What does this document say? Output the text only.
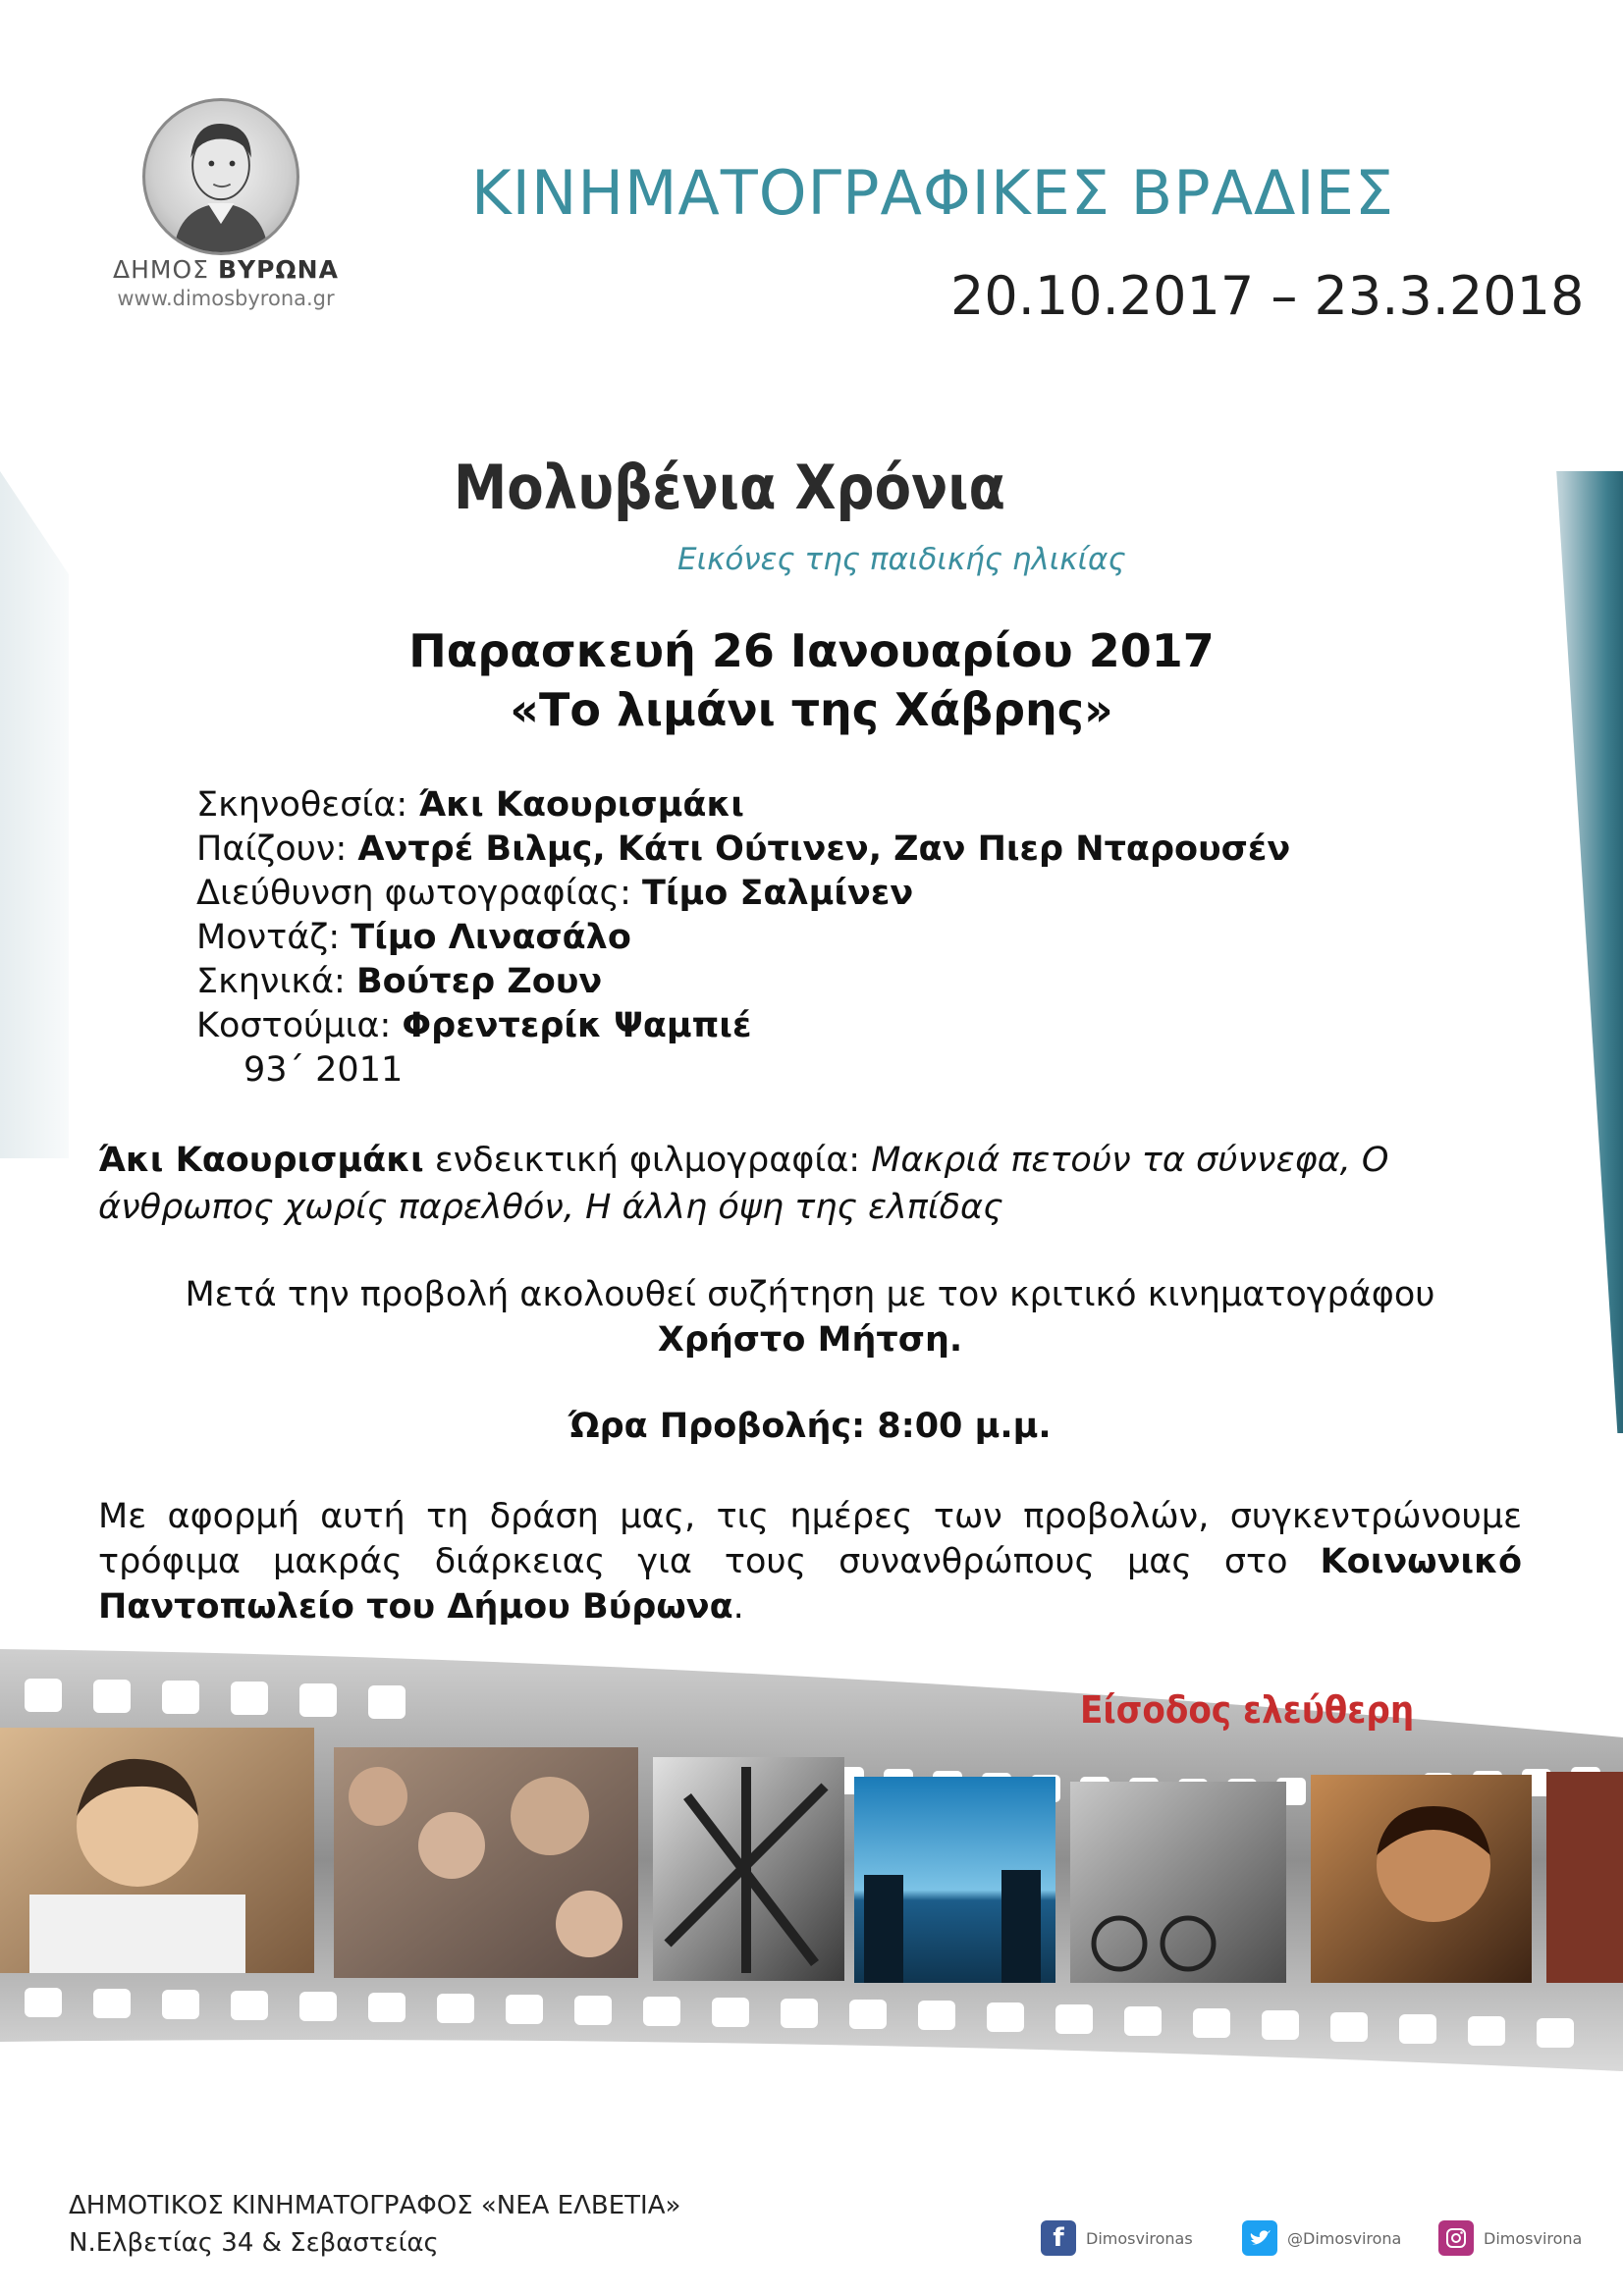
ΔΗΜΟΣ ΒΥΡΩΝΑ
www.dimosbyrona.gr
ΚΙΝΗΜΑΤΟΓΡΑΦΙΚΕΣ ΒΡΑΔΙΕΣ
20.10.2017 – 23.3.2018
Μολυβένια Χρόνια
Εικόνες της παιδικής ηλικίας
Παρασκευή 26 Ιανουαρίου 2017
«Το λιμάνι της Χάβρης»
Σκηνοθεσία: Άκι Καουρισμάκι
Παίζουν: Αντρέ Βιλμς, Κάτι Ούτινεν, Ζαν Πιερ Νταρουσέν
Διεύθυνση φωτογραφίας: Τίμο Σαλμίνεν
Μοντάζ: Τίμο Λινασάλο
Σκηνικά: Βούτερ Ζουν
Κοστούμια: Φρεντερίκ Ψαμπιέ
93΄ 2011
Άκι Καουρισμάκι ενδεικτική φιλμογραφία: Μακριά πετούν τα σύννεφα, Ο άνθρωπος χωρίς παρελθόν, Η άλλη όψη της ελπίδας
Μετά την προβολή ακολουθεί συζήτηση με τον κριτικό κινηματογράφου
Χρήστο Μήτση.
Ώρα Προβολής: 8:00 μ.μ.
Με αφορμή αυτή τη δράση μας, τις ημέρες των προβολών, συγκεντρώνουμε τρόφιμα μακράς διάρκειας για τους συνανθρώπους μας στο Κοινωνικό Παντοπωλείο του Δήμου Βύρωνα.
Είσοδος ελεύθερη
ΔΗΜΟΤΙΚΟΣ ΚΙΝΗΜΑΤΟΓΡΑΦΟΣ «ΝΕΑ ΕΛΒΕΤΙΑ»
Ν.Ελβετίας 34 & Σεβαστείας	f	Dimosvironas	@Dimosvirona	Dimosvirona
